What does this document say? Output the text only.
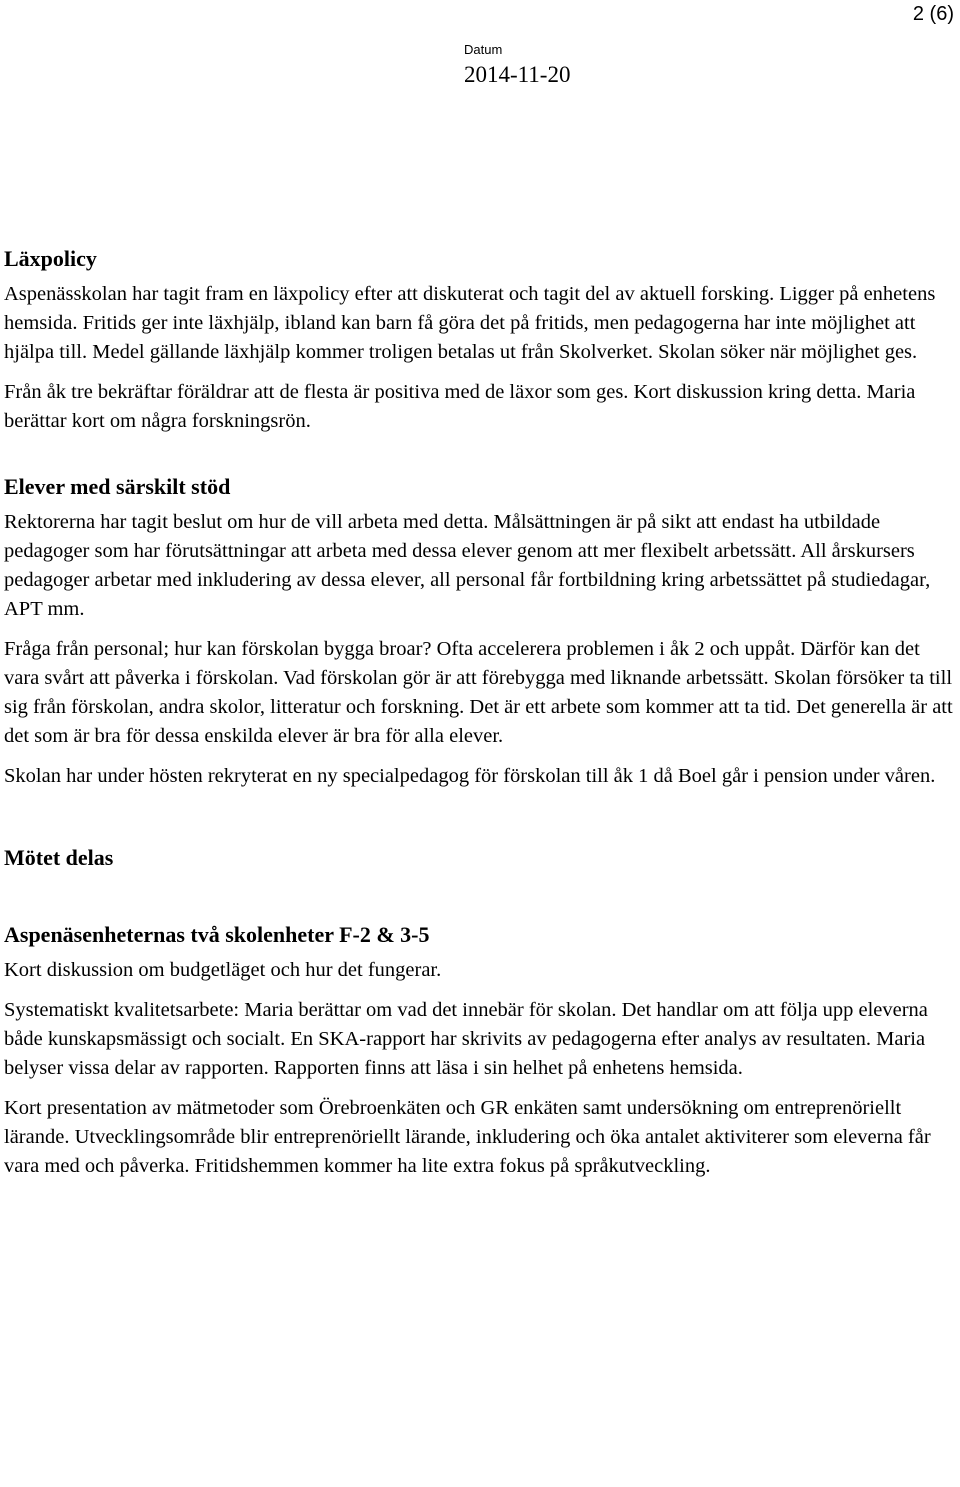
2 (6)
Datum
2014-11-20
Läxpolicy

Aspenässkolan har tagit fram en läxpolicy efter att diskuterat och tagit del av aktuell forsking. Ligger på enhetens hemsida. Fritids ger inte läxhjälp, ibland kan barn få göra det på fritids, men pedagogerna har inte möjlighet att hjälpa till. Medel gällande läxhjälp kommer troligen betalas ut från Skolverket. Skolan söker när möjlighet ges.

Från åk tre bekräftar föräldrar att de flesta är positiva med de läxor som ges. Kort diskussion kring detta. Maria berättar kort om några forskningsrön.

Elever med särskilt stöd

Rektorerna har tagit beslut om hur de vill arbeta med detta. Målsättningen är på sikt att endast ha utbildade pedagoger som har förutsättningar att arbeta med dessa elever genom att mer flexibelt arbetssätt. All årskursers pedagoger arbetar med inkludering av dessa elever, all personal får fortbildning kring arbetssättet på studiedagar, APT mm.

Fråga från personal; hur kan förskolan bygga broar? Ofta accelerera problemen i åk 2 och uppåt. Därför kan det vara svårt att påverka i förskolan. Vad förskolan gör är att förebygga med liknande arbetssätt. Skolan försöker ta till sig från förskolan, andra skolor, litteratur och forskning. Det är ett arbete som kommer att ta tid. Det generella är att det som är bra för dessa enskilda elever är bra för alla elever.

Skolan har under hösten rekryterat en ny specialpedagog för förskolan till åk 1 då Boel går i pension under våren.

Mötet delas
Aspenäsenheternas två skolenheter F-2 & 3-5

Kort diskussion om budgetläget och hur det fungerar.

Systematiskt kvalitetsarbete: Maria berättar om vad det innebär för skolan. Det handlar om att följa upp eleverna både kunskapsmässigt och socialt. En SKA-rapport har skrivits av pedagogerna efter analys av resultaten. Maria belyser vissa delar av rapporten. Rapporten finns att läsa i sin helhet på enhetens hemsida.

Kort presentation av mätmetoder som Örebroenkäten och GR enkäten samt undersökning om entreprenöriellt lärande. Utvecklingsområde blir entreprenöriellt lärande, inkludering och öka antalet aktiviterer som eleverna får vara med och påverka. Fritidshemmen kommer ha lite extra fokus på språkutveckling.
